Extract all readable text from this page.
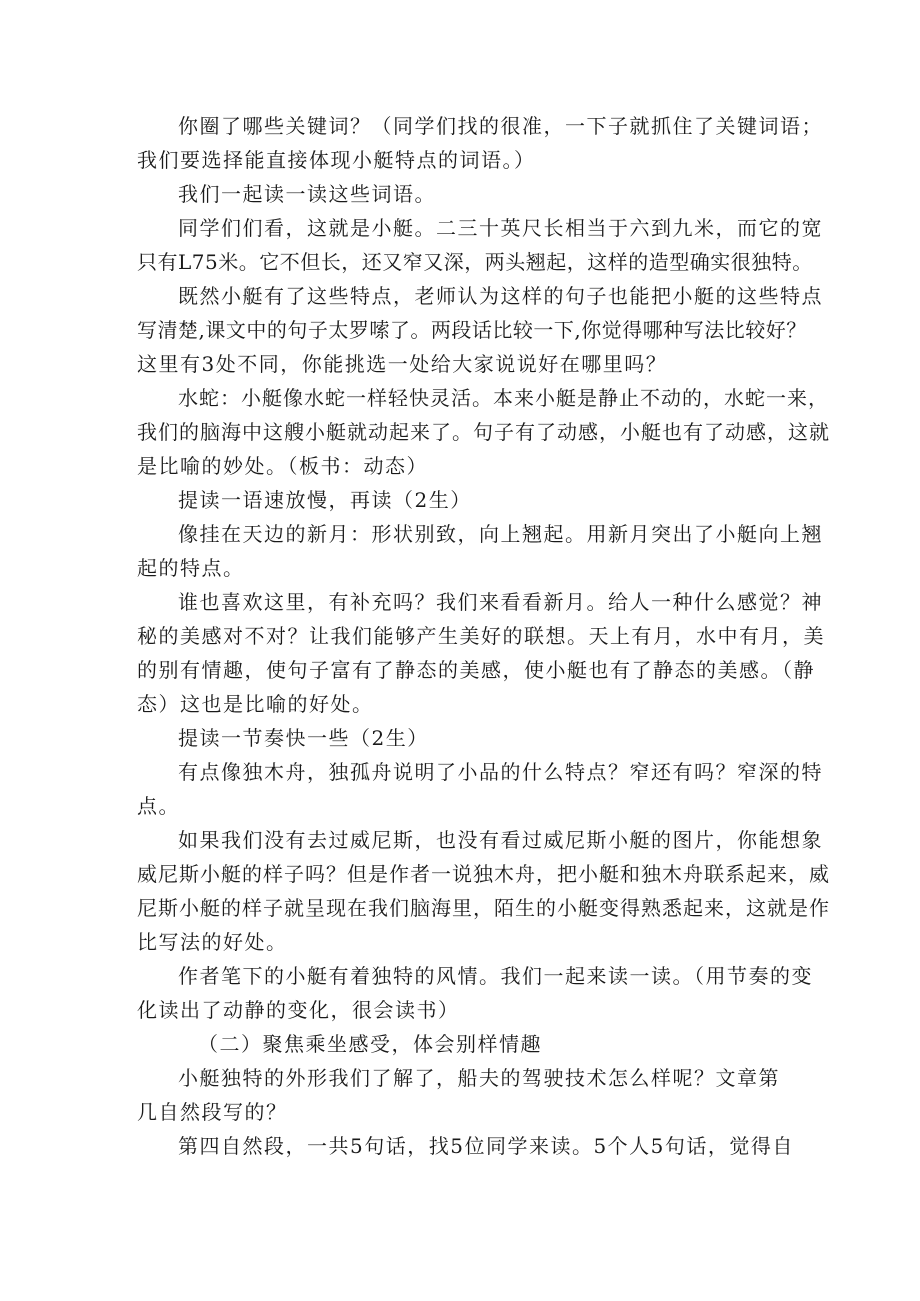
你圈了哪些关键词？（同学们找的很准，一下子就抓住了关键词语；
我们要选择能直接体现小艇特点的词语。）
我们一起读一读这些词语。
同学们们看，这就是小艇。二三十英尺长相当于六到九米，而它的宽
只有L75米。它不但长，还又窄又深，两头翘起，这样的造型确实很独特。
既然小艇有了这些特点，老师认为这样的句子也能把小艇的这些特点
写清楚,课文中的句子太罗嗦了。两段话比较一下,你觉得哪种写法比较好？
这里有3处不同，你能挑选一处给大家说说好在哪里吗？
水蛇：小艇像水蛇一样轻快灵活。本来小艇是静止不动的，水蛇一来，
我们的脑海中这艘小艇就动起来了。句子有了动感，小艇也有了动感，这就
是比喻的妙处。（板书：动态）
提读一语速放慢，再读（2生）
像挂在天边的新月：形状别致，向上翘起。用新月突出了小艇向上翘
起的特点。
谁也喜欢这里，有补充吗？我们来看看新月。给人一种什么感觉？神
秘的美感对不对？让我们能够产生美好的联想。天上有月，水中有月，美
的别有情趣，使句子富有了静态的美感，使小艇也有了静态的美感。（静
态）这也是比喻的好处。
提读一节奏快一些（2生）
有点像独木舟，独孤舟说明了小品的什么特点？窄还有吗？窄深的特
点。
如果我们没有去过威尼斯，也没有看过威尼斯小艇的图片，你能想象
威尼斯小艇的样子吗？但是作者一说独木舟，把小艇和独木舟联系起来，威
尼斯小艇的样子就呈现在我们脑海里，陌生的小艇变得熟悉起来，这就是作
比写法的好处。
作者笔下的小艇有着独特的风情。我们一起来读一读。（用节奏的变
化读出了动静的变化，很会读书）
（二）聚焦乘坐感受，体会别样情趣
小艇独特的外形我们了解了，船夫的驾驶技术怎么样呢？文章第
几自然段写的？
第四自然段，一共5句话，找5位同学来读。5个人5句话，觉得自
